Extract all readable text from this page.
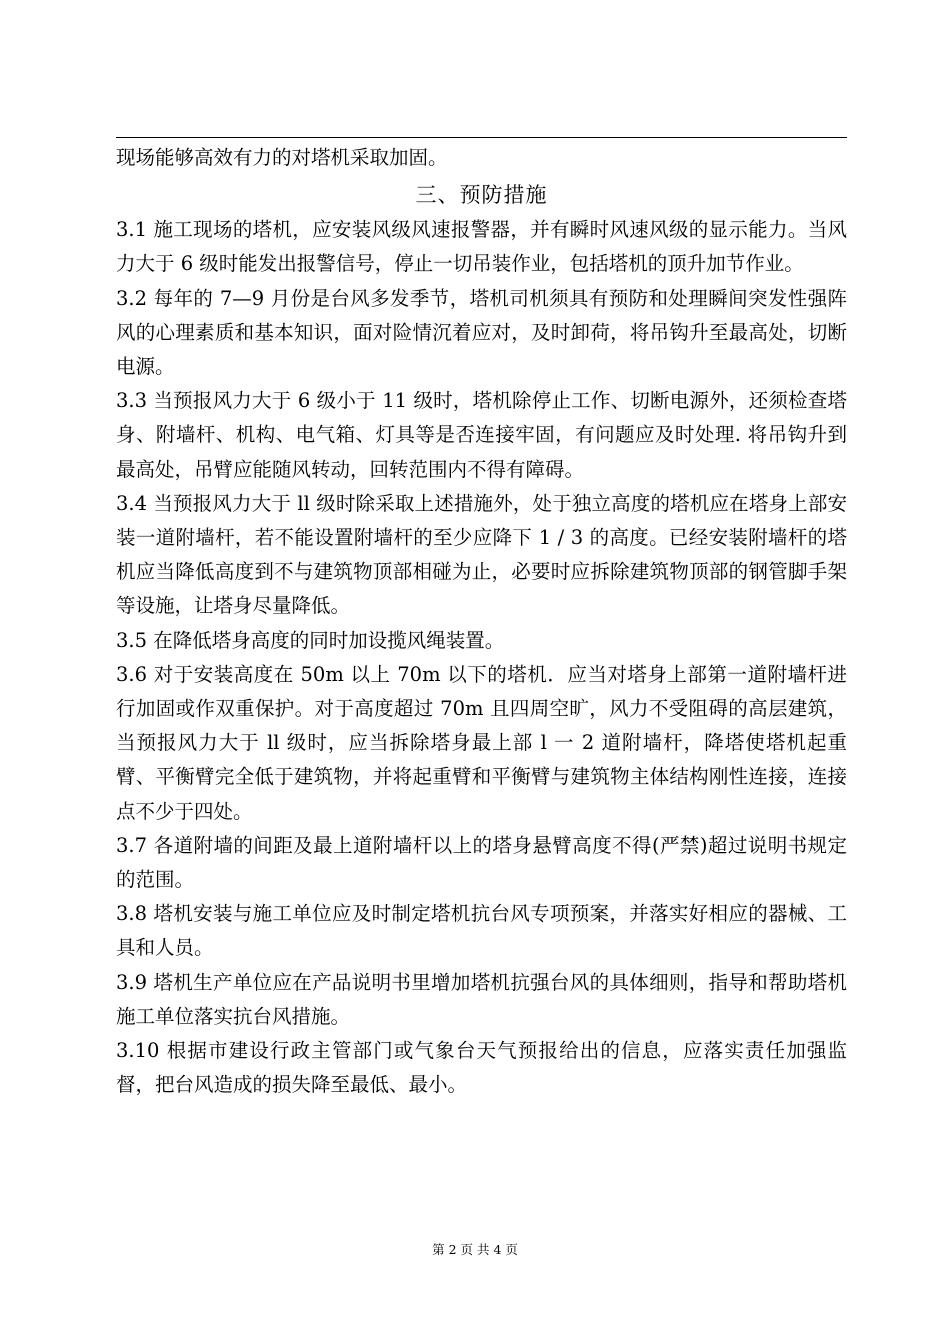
现场能够高效有力的对塔机采取加固。

三、预防措施

3.1 施工现场的塔机，应安装风级风速报警器，并有瞬时风速风级的显示能力。当风力大于 6 级时能发出报警信号，停止一切吊装作业，包括塔机的顶升加节作业。

3.2 每年的 7—9 月份是台风多发季节，塔机司机须具有预防和处理瞬间突发性强阵风的心理素质和基本知识，面对险情沉着应对，及时卸荷，将吊钩升至最高处，切断电源。

3.3 当预报风力大于 6 级小于 11 级时，塔机除停止工作、切断电源外，还须检查塔身、附墙杆、机构、电气箱、灯具等是否连接牢固，有问题应及时处理. 将吊钩升到最高处，吊臂应能随风转动，回转范围内不得有障碍。

3.4 当预报风力大于 ll 级时除采取上述措施外，处于独立高度的塔机应在塔身上部安装一道附墙杆，若不能设置附墙杆的至少应降下 1 / 3 的高度。已经安装附墙杆的塔机应当降低高度到不与建筑物顶部相碰为止，必要时应拆除建筑物顶部的钢管脚手架等设施，让塔身尽量降低。

3.5 在降低塔身高度的同时加设揽风绳装置。

3.6 对于安装高度在 50m 以上 70m 以下的塔机．应当对塔身上部第一道附墙杆进行加固或作双重保护。对于高度超过 70m 且四周空旷，风力不受阻碍的高层建筑，当预报风力大于 ll 级时，应当拆除塔身最上部 l 一 2 道附墙杆，降塔使塔机起重臂、平衡臂完全低于建筑物，并将起重臂和平衡臂与建筑物主体结构刚性连接，连接点不少于四处。

3.7 各道附墙的间距及最上道附墙杆以上的塔身悬臂高度不得(严禁)超过说明书规定的范围。

3.8 塔机安装与施工单位应及时制定塔机抗台风专项预案，并落实好相应的器械、工具和人员。

3.9 塔机生产单位应在产品说明书里增加塔机抗强台风的具体细则，指导和帮助塔机施工单位落实抗台风措施。

3.10 根据市建设行政主管部门或气象台天气预报给出的信息，应落实责任加强监督，把台风造成的损失降至最低、最小。

第 2 页 共 4 页
